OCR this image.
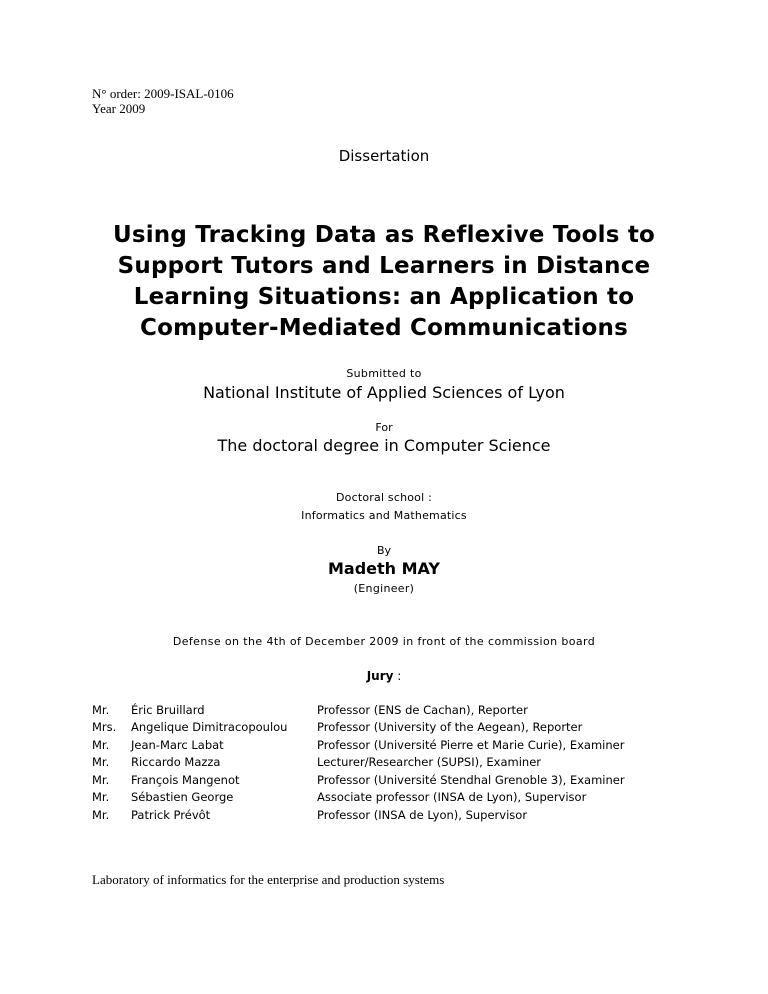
N° order: 2009-ISAL-0106
Year 2009
Dissertation
Using Tracking Data as Reflexive Tools to
Support Tutors and Learners in Distance
Learning Situations: an Application to
Computer-Mediated Communications
Submitted to
National Institute of Applied Sciences of Lyon
For
The doctoral degree in Computer Science
Doctoral school :
Informatics and Mathematics
By
Madeth MAY
(Engineer)
Defense on the 4th of December 2009 in front of the commission board
Jury :
Mr.	Éric Bruillard	Professor (ENS de Cachan), Reporter
Mrs.	Angelique Dimitracopoulou	Professor (University of the Aegean), Reporter
Mr.	Jean-Marc Labat	Professor (Université Pierre et Marie Curie), Examiner
Mr.	Riccardo Mazza	Lecturer/Researcher (SUPSI), Examiner
Mr.	François Mangenot	Professor (Université Stendhal Grenoble 3), Examiner
Mr.	Sébastien George	Associate professor (INSA de Lyon), Supervisor
Mr.	Patrick Prévôt	Professor (INSA de Lyon), Supervisor
Laboratory of informatics for the enterprise and production systems
